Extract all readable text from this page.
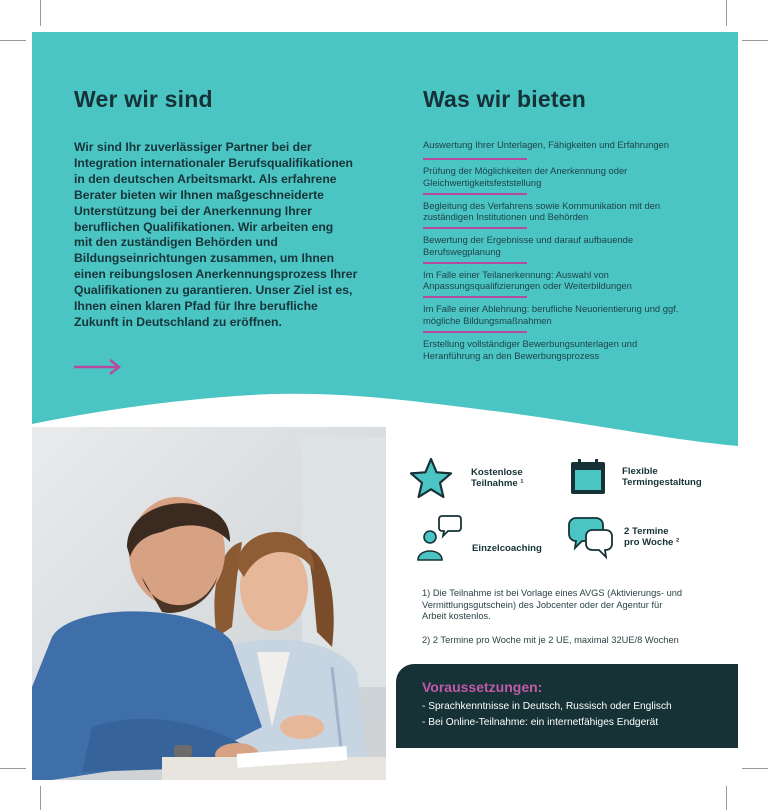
Wer wir sind	Was wir bieten

Wir sind Ihr zuverlässiger Partner bei der
Integration internationaler Berufsqualifikationen
in den deutschen Arbeitsmarkt. Als erfahrene
Berater bieten wir Ihnen maßgeschneiderte
Unterstützung bei der Anerkennung Ihrer
beruflichen Qualifikationen. Wir arbeiten eng
mit den zuständigen Behörden und
Bildungseinrichtungen zusammen, um Ihnen
einen reibungslosen Anerkennungsprozess Ihrer
Qualifikationen zu garantieren. Unser Ziel ist es,
Ihnen einen klaren Pfad für Ihre berufliche
Zukunft in Deutschland zu eröffnen.

Auswertung Ihrer Unterlagen, Fähigkeiten und Erfahrungen
Prüfung der Möglichkeiten der Anerkennung oder
Gleichwertigkeitsfeststellung
Begleitung des Verfahrens sowie Kommunikation mit den
zuständigen Institutionen und Behörden
Bewertung der Ergebnisse und darauf aufbauende
Berufswegplanung
Im Falle einer Teilanerkennung: Auswahl von
Anpassungsqualifizierungen oder Weiterbildungen
Im Falle einer Ablehnung: berufliche Neuorientierung und ggf.
mögliche Bildungsmaßnahmen
Erstellung vollständiger Bewerbungsunterlagen und
Heranführung an den Bewerbungsprozess
Kostenlose
Teilnahme ¹
Flexible
Termingestaltung
Einzelcoaching
2 Termine
pro Woche ²

1) Die Teilnahme ist bei Vorlage eines AVGS (Aktivierungs- und
Vermittlungsgutschein) des Jobcenter oder der Agentur für
Arbeit kostenlos.

2) 2 Termine pro Woche mit je 2 UE, maximal 32UE/8 Wochen

Voraussetzungen:

- Sprachkenntnisse in Deutsch, Russisch oder Englisch

- Bei Online-Teilnahme: ein internetfähiges Endgerät
